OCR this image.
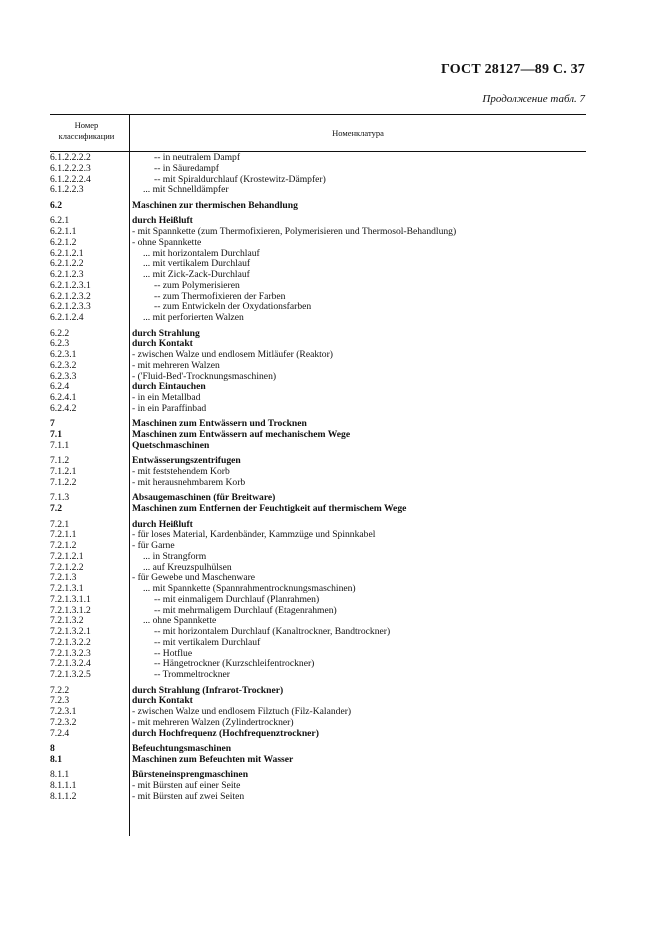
ГОСТ 28127—89 С. 37
Продолжение табл. 7
Номер
классификации	Номенклатура
6.1.2.2.2.2	-- in neutralem Dampf
6.1.2.2.2.3	-- in Säuredampf
6.1.2.2.2.4	-- mit Spiraldurchlauf (Krostewitz-Dämpfer)
6.1.2.2.3	... mit Schnelldämpfer
6.2	Maschinen zur thermischen Behandlung
6.2.1	durch Heißluft
6.2.1.1	- mit Spannkette (zum Thermofixieren, Polymerisieren und Thermosol-Behandlung)
6.2.1.2	- ohne Spannkette
6.2.1.2.1	... mit horizontalem Durchlauf
6.2.1.2.2	... mit vertikalem Durchlauf
6.2.1.2.3	... mit Zick-Zack-Durchlauf
6.2.1.2.3.1	-- zum Polymerisieren
6.2.1.2.3.2	-- zum Thermofixieren der Farben
6.2.1.2.3.3	-- zum Entwickeln der Oxydationsfarben
6.2.1.2.4	... mit perforierten Walzen
6.2.2	durch Strahlung
6.2.3	durch Kontakt
6.2.3.1	- zwischen Walze und endlosem Mitläufer (Reaktor)
6.2.3.2	- mit mehreren Walzen
6.2.3.3	- ('Fluid-Bed'-Trocknungsmaschinen)
6.2.4	durch Eintauchen
6.2.4.1	- in ein Metallbad
6.2.4.2	- in ein Paraffinbad
7	Maschinen zum Entwässern und Trocknen
7.1	Maschinen zum Entwässern auf mechanischem Wege
7.1.1	Quetschmaschinen
7.1.2	Entwässerungszentrifugen
7.1.2.1	- mit feststehendem Korb
7.1.2.2	- mit herausnehmbarem Korb
7.1.3	Absaugemaschinen (für Breitware)
7.2	Maschinen zum Entfernen der Feuchtigkeit auf thermischem Wege
7.2.1	durch Heißluft
7.2.1.1	- für loses Material, Kardenbänder, Kammzüge und Spinnkabel
7.2.1.2	- für Garne
7.2.1.2.1	... in Strangform
7.2.1.2.2	... auf Kreuzspulhülsen
7.2.1.3	- für Gewebe und Maschenware
7.2.1.3.1	... mit Spannkette (Spannrahmentrocknungsmaschinen)
7.2.1.3.1.1	-- mit einmaligem Durchlauf (Planrahmen)
7.2.1.3.1.2	-- mit mehrmaligem Durchlauf (Etagenrahmen)
7.2.1.3.2	... ohne Spannkette
7.2.1.3.2.1	-- mit horizontalem Durchlauf (Kanaltrockner, Bandtrockner)
7.2.1.3.2.2	-- mit vertikalem Durchlauf
7.2.1.3.2.3	-- Hotflue
7.2.1.3.2.4	-- Hängetrockner (Kurzschleifentrockner)
7.2.1.3.2.5	-- Trommeltrockner
7.2.2	durch Strahlung (Infrarot-Trockner)
7.2.3	durch Kontakt
7.2.3.1	- zwischen Walze und endlosem Filztuch (Filz-Kalander)
7.2.3.2	- mit mehreren Walzen (Zylindertrockner)
7.2.4	durch Hochfrequenz (Hochfrequenztrockner)
8	Befeuchtungsmaschinen
8.1	Maschinen zum Befeuchten mit Wasser
8.1.1	Bürsteneinsprengmaschinen
8.1.1.1	- mit Bürsten auf einer Seite
8.1.1.2	- mit Bürsten auf zwei Seiten
